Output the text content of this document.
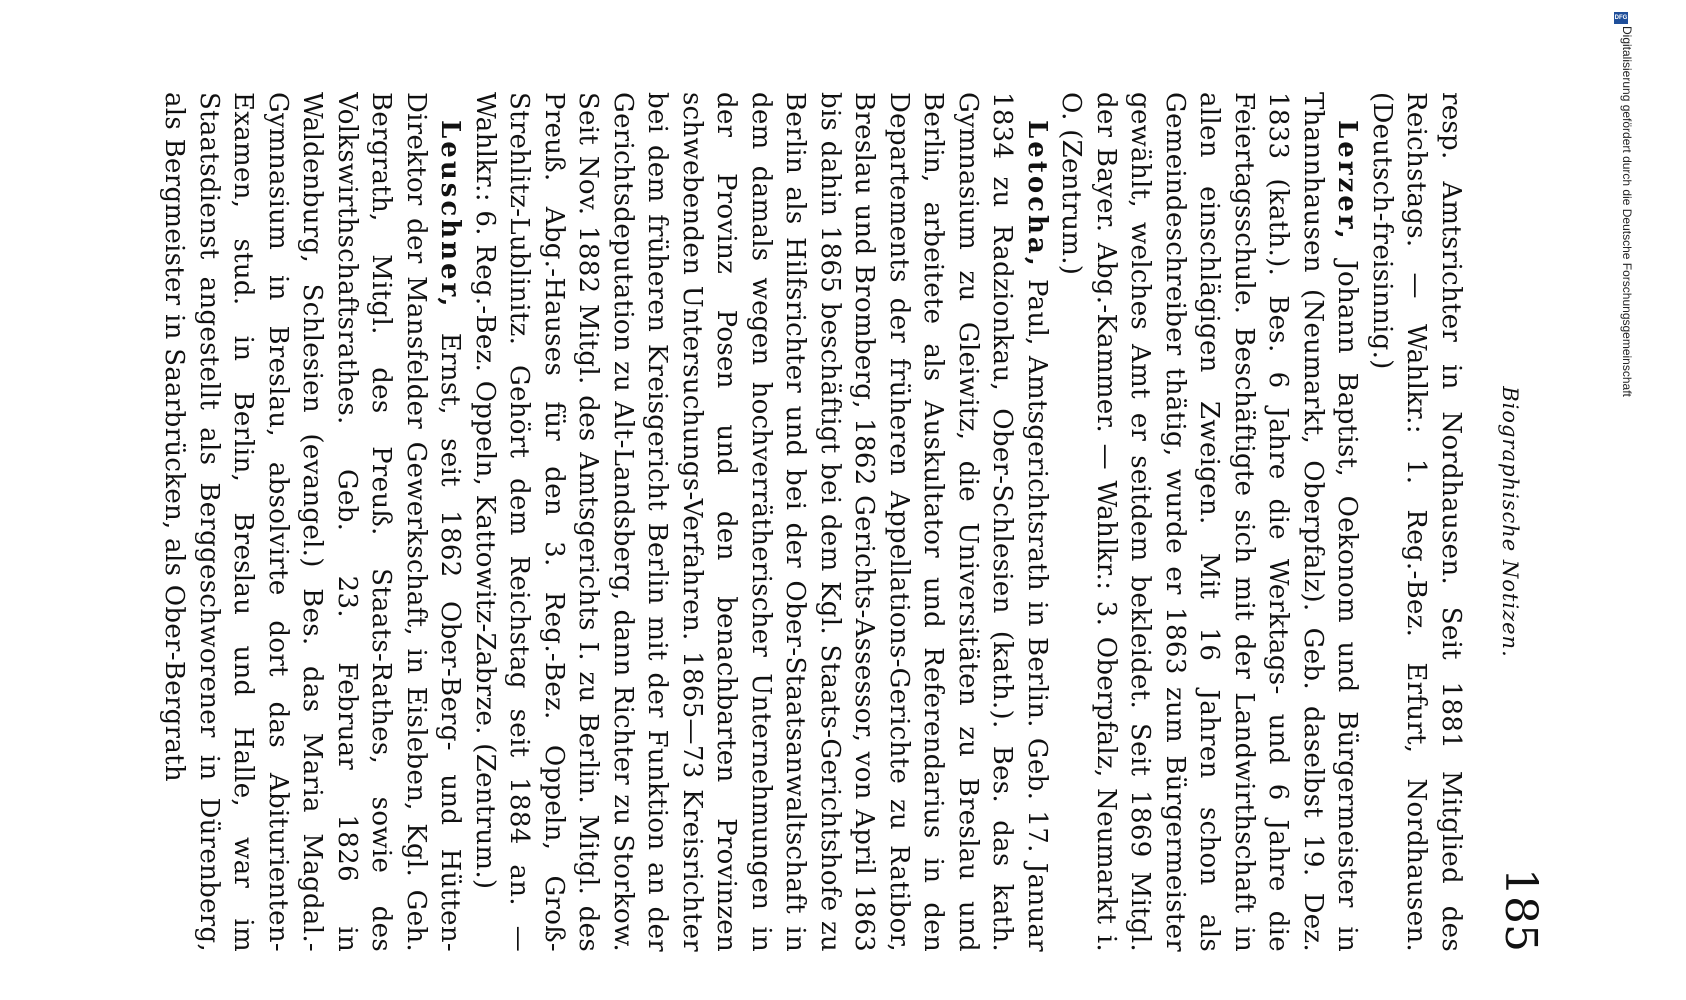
Biographische Notizen.
185

resp. Amtsrichter in Nordhausen. Seit 1881 Mitglied des Reichstags. — Wahlkr.: 1. Reg.-Bez. Erfurt, Nordhausen. (Deutsch-freisinnig.)

Lerzer, Johann Baptist, Oekonom und Bürgermeister in Thannhausen (Neumarkt, Oberpfalz). Geb. daselbst 19. Dez. 1833 (kath.). Bes. 6 Jahre die Werktags- und 6 Jahre die Feiertagsschule. Beschäftigte sich mit der Landwirthschaft in allen einschlägigen Zweigen. Mit 16 Jahren schon als Gemeindeschreiber thätig, wurde er 1863 zum Bürgermeister gewählt, welches Amt er seitdem bekleidet. Seit 1869 Mitgl. der Bayer. Abg.-Kammer. — Wahlkr.: 3. Oberpfalz, Neumarkt i. O. (Zentrum.)

Letocha, Paul, Amtsgerichtsrath in Berlin. Geb. 17. Januar 1834 zu Radzionkau, Ober-Schlesien (kath.). Bes. das kath. Gymnasium zu Gleiwitz, die Universitäten zu Breslau und Berlin, arbeitete als Auskultator und Referendarius in den Departements der früheren Appellations-Gerichte zu Ratibor, Breslau und Bromberg, 1862 Gerichts-Assessor, von April 1863 bis dahin 1865 beschäftigt bei dem Kgl. Staats-Gerichtshofe zu Berlin als Hilfsrichter und bei der Ober-Staatsanwaltschaft in dem damals wegen hochverrätherischer Unternehmungen in der Provinz Posen und den benachbarten Provinzen schwebenden Untersuchungs-Verfahren. 1865—73 Kreisrichter bei dem früheren Kreisgericht Berlin mit der Funktion an der Gerichtsdeputation zu Alt-Landsberg, dann Richter zu Storkow. Seit Nov. 1882 Mitgl. des Amtsgerichts I. zu Berlin. Mitgl. des Preuß. Abg.-Hauses für den 3. Reg.-Bez. Oppeln, Groß-Strehlitz-Lublinitz. Gehört dem Reichstag seit 1884 an. — Wahlkr.: 6. Reg.-Bez. Oppeln, Kattowitz-Zabrze. (Zentrum.)

Leuschner, Ernst, seit 1862 Ober-Berg- und Hütten-Direktor der Mansfelder Gewerkschaft, in Eisleben, Kgl. Geh. Bergrath, Mitgl. des Preuß. Staats-Rathes, sowie des Volkswirthschaftsrathes. Geb. 23. Februar 1826 in Waldenburg, Schlesien (evangel.) Bes. das Maria Magdal.-Gymnasium in Breslau, absolvirte dort das Abiturienten-Examen, stud. in Berlin, Breslau und Halle, war im Staatsdienst angestellt als Berggeschworener in Dürenberg, als Bergmeister in Saarbrücken, als Ober-Bergrath

DFG
Digitalisierung gefördert durch die Deutsche Forschungsgemeinschaft
